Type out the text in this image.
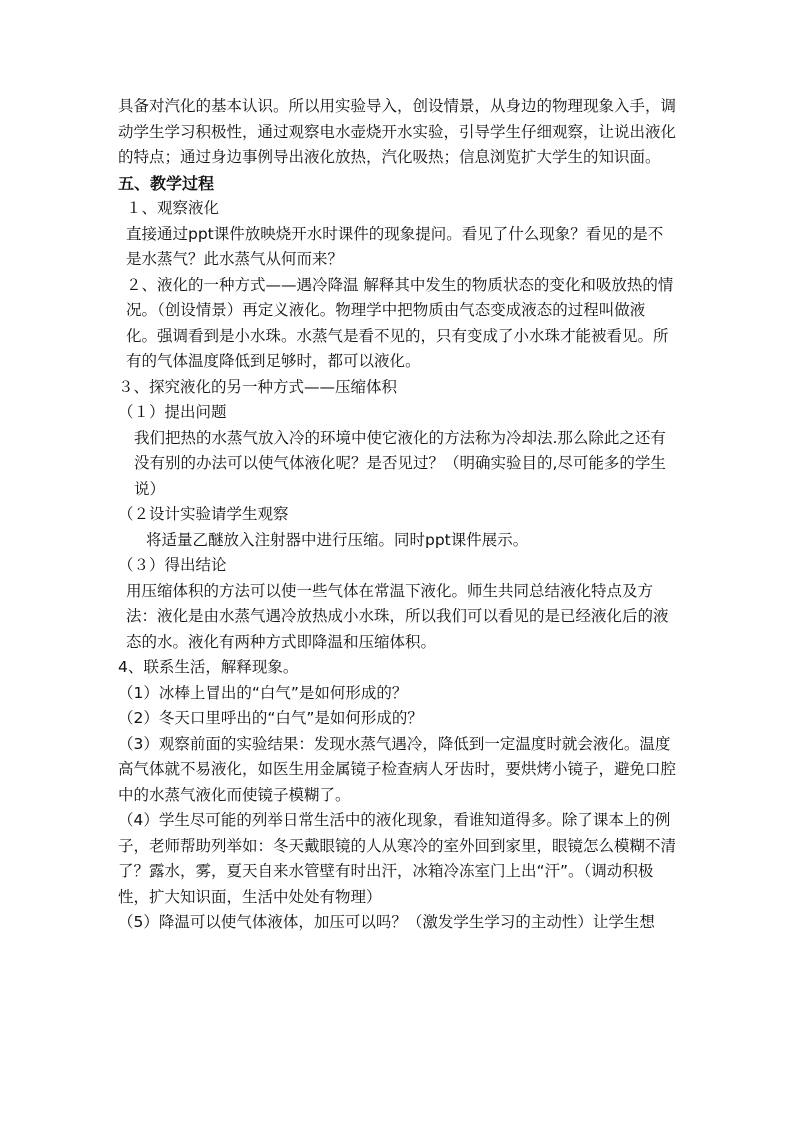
具备对汽化的基本认识。所以用实验导入，创设情景，从身边的物理现象入手，调动学生学习积极性，通过观察电水壶烧开水实验，引导学生仔细观察，让说出液化的特点；通过身边事例导出液化放热，汽化吸热；信息浏览扩大学生的知识面。

五、教学过程

１、观察液化

直接通过ppt课件放映烧开水时课件的现象提问。看见了什么现象？看见的是不是水蒸气？此水蒸气从何而来？

２、液化的一种方式——遇冷降温 解释其中发生的物质状态的变化和吸放热的情况。（创设情景）再定义液化。物理学中把物质由气态变成液态的过程叫做液化。强调看到是小水珠。水蒸气是看不见的，只有变成了小水珠才能被看见。所有的气体温度降低到足够时，都可以液化。

３、探究液化的另一种方式——压缩体积

（１）提出问题

我们把热的水蒸气放入冷的环境中使它液化的方法称为冷却法.那么除此之还有没有别的办法可以使气体液化呢？是否见过？（明确实验目的,尽可能多的学生说）

（２设计实验请学生观察

将适量乙醚放入注射器中进行压缩。同时ppt课件展示。

（３）得出结论

用压缩体积的方法可以使一些气体在常温下液化。师生共同总结液化特点及方法：液化是由水蒸气遇冷放热成小水珠，所以我们可以看见的是已经液化后的液态的水。液化有两种方式即降温和压缩体积。

4、联系生活，解释现象。

（1）冰棒上冒出的“白气”是如何形成的？

（2）冬天口里呼出的“白气”是如何形成的？

（3）观察前面的实验结果：发现水蒸气遇冷，降低到一定温度时就会液化。温度高气体就不易液化，如医生用金属镜子检查病人牙齿时，要烘烤小镜子，避免口腔中的水蒸气液化而使镜子模糊了。

（4）学生尽可能的列举日常生活中的液化现象，看谁知道得多。除了课本上的例子，老师帮助列举如：冬天戴眼镜的人从寒冷的室外回到家里，眼镜怎么模糊不清了？露水，雾，夏天自来水管壁有时出汗，冰箱冷冻室门上出“汗”。（调动积极性，扩大知识面，生活中处处有物理）

（5）降温可以使气体液体，加压可以吗？（激发学生学习的主动性）让学生想
